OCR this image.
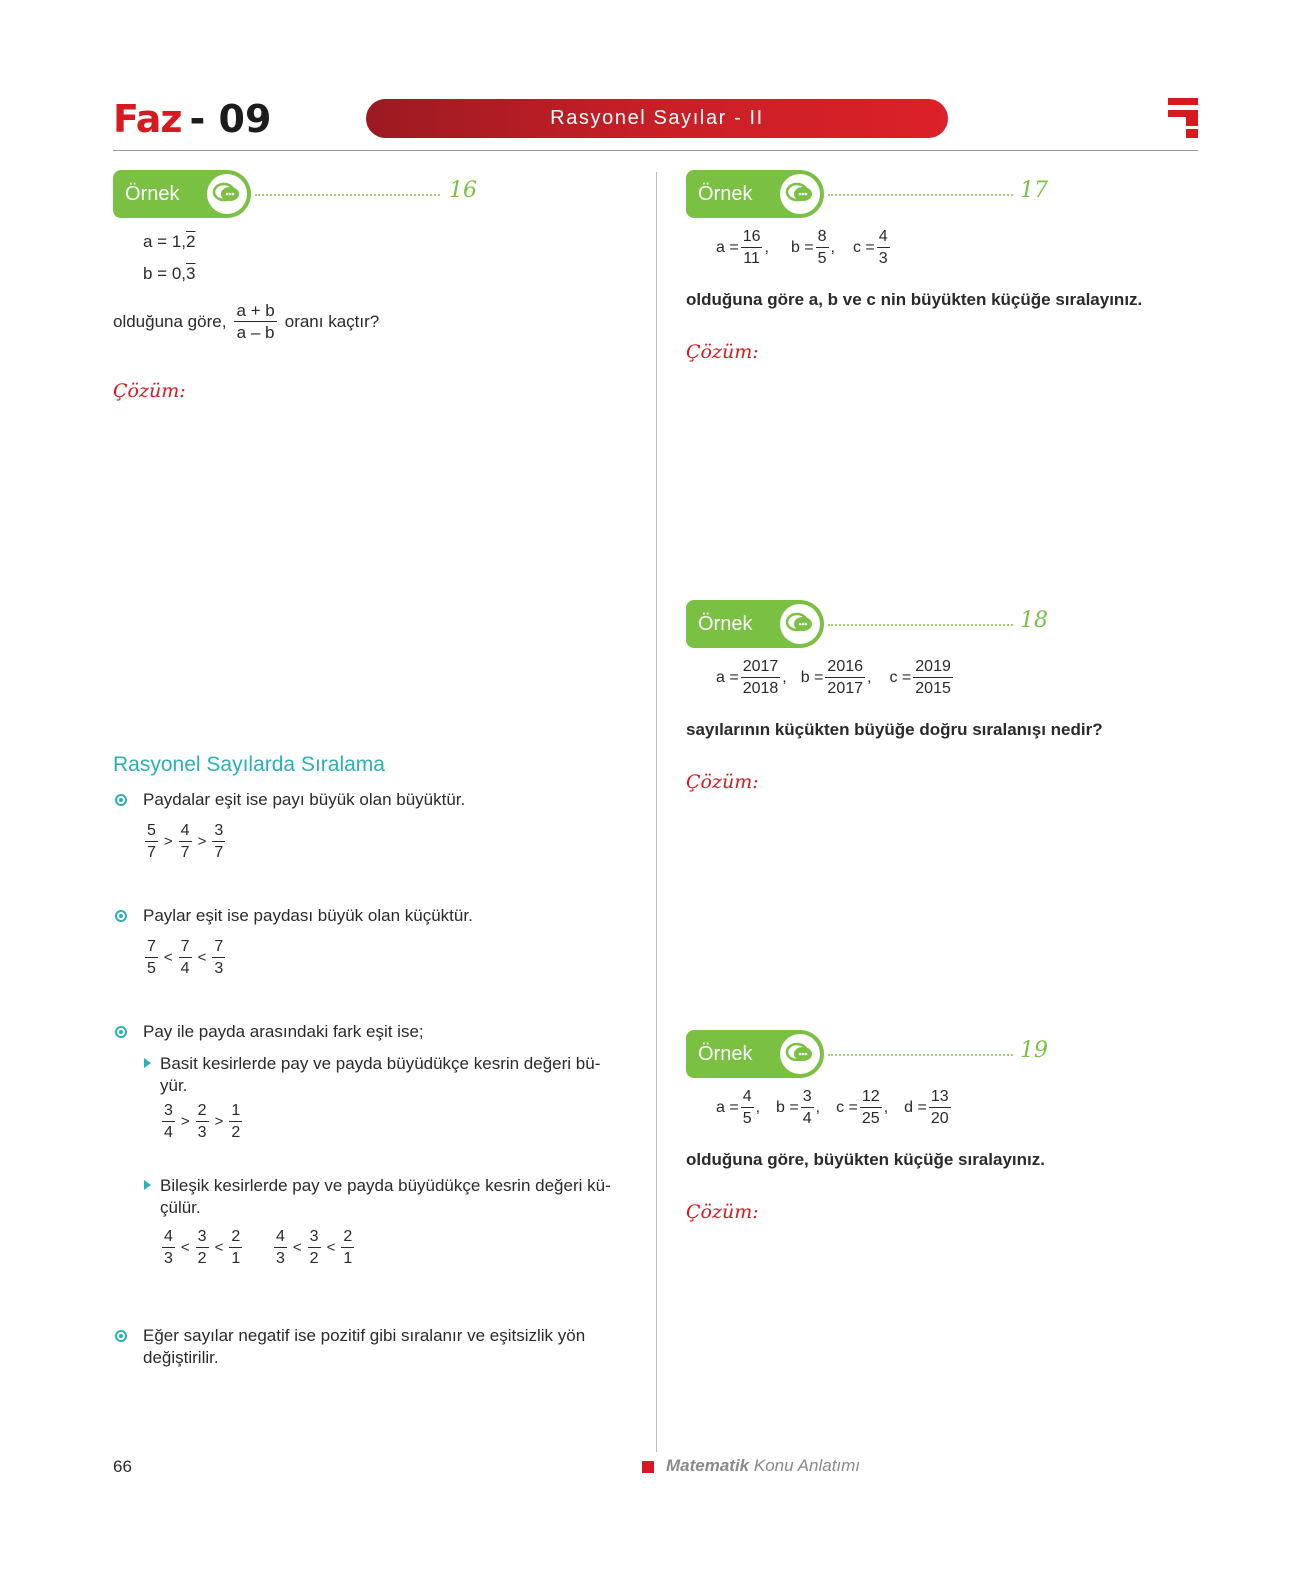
Faz - 09	Rasyonel Sayılar - II
Örnek	16
a = 1,2
b = 0,3
olduğuna göre, $\frac{a + b}{a - b}$ oranı kaçtır?
Çözüm:
Örnek	17
$a = \frac{16}{11}$ , $b = \frac{8}{5}$ , $c = \frac{4}{3}$
olduğuna göre a, b ve c nin büyükten küçüğe sıralayınız.
Çözüm:
Örnek	18
$a = \frac{2017}{2018}$ , $b = \frac{2016}{2017}$ , $c = \frac{2019}{2015}$
sayılarının küçükten büyüğe doğru sıralanışı nedir?
Çözüm:
Örnek	19
$a = \frac{4}{5}$ , $b = \frac{3}{4}$ , $c = \frac{12}{25}$ , $d = \frac{13}{20}$
olduğuna göre, büyükten küçüğe sıralayınız.
Çözüm:
Rasyonel Sayılarda Sıralama
Paydalar eşit ise payı büyük olan büyüktür.
$\frac{5}{7} > \frac{4}{7} > \frac{3}{7}$
Paylar eşit ise paydası büyük olan küçüktür.
$\frac{7}{5} < \frac{7}{4} < \frac{7}{3}$
Pay ile payda arasındaki fark eşit ise;
Basit kesirlerde pay ve payda büyüdükçe kesrin değeri bü-
yür.
$\frac{3}{4} > \frac{2}{3} > \frac{1}{2}$
Bileşik kesirlerde pay ve payda büyüdükçe kesrin değeri kü-
çülür.
$\frac{4}{3} < \frac{3}{2} < \frac{2}{1} \frac{4}{3} < \frac{3}{2} < \frac{2}{1}$
Eğer sayılar negatif ise pozitif gibi sıralanır ve eşitsizlik yön
değiştirilir.
66	Matematik Konu Anlatımı
